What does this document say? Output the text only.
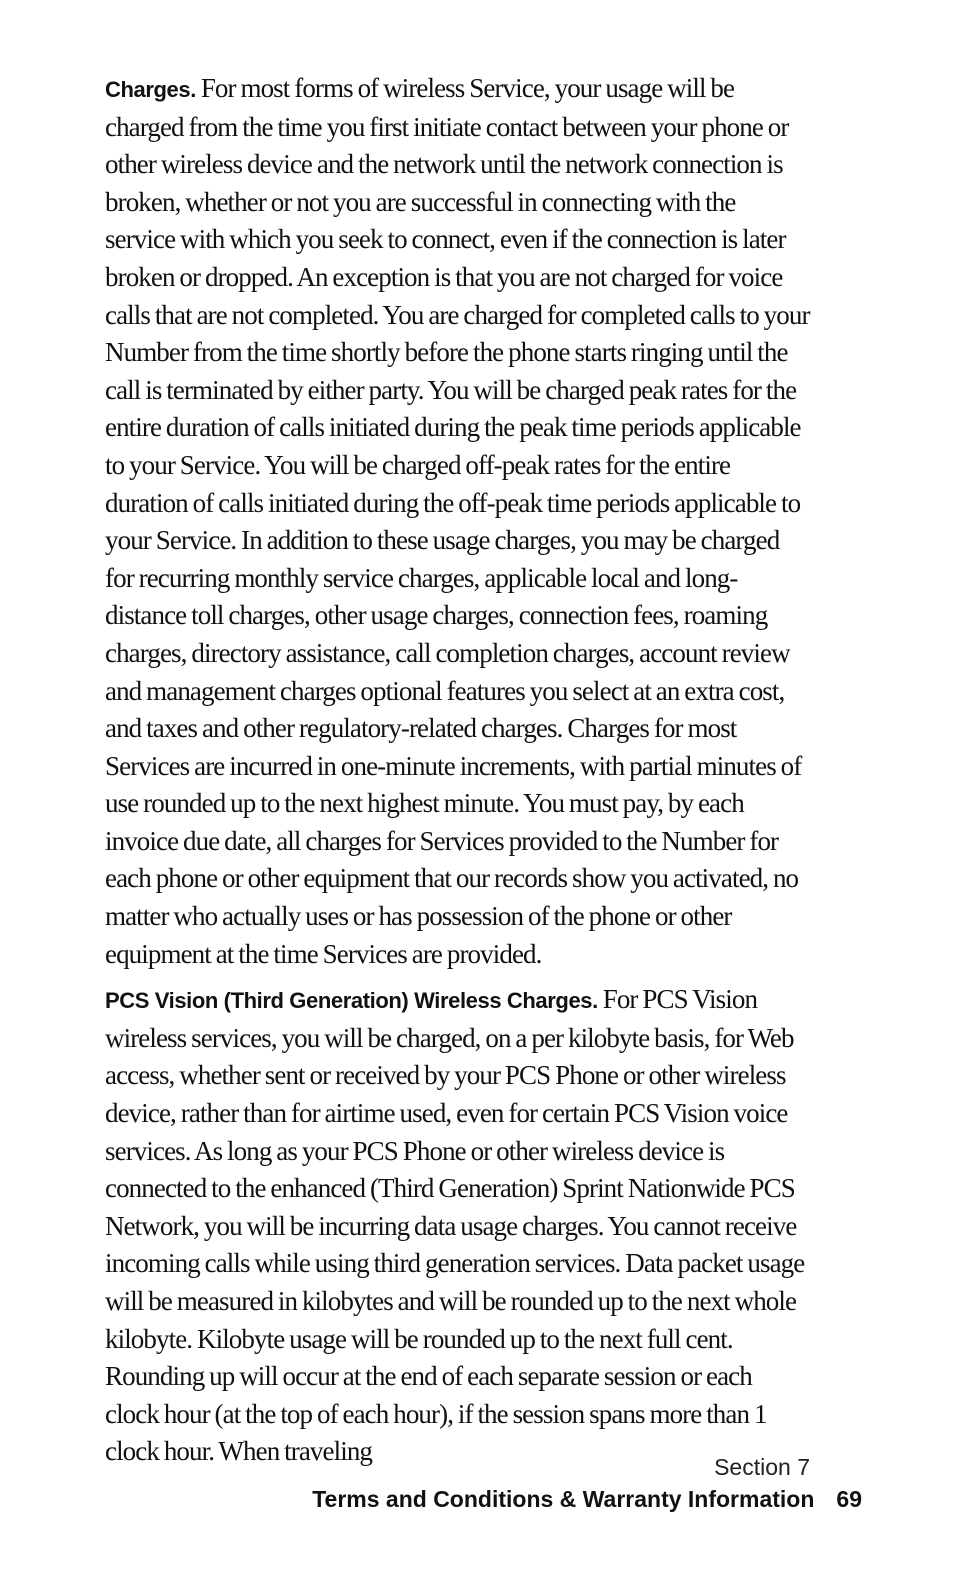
Charges. For most forms of wireless Service, your usage will be charged from the time you first initiate contact between your phone or other wireless device and the network until the network connection is broken, whether or not you are successful in connecting with the service with which you seek to connect, even if the connection is later broken or dropped. An exception is that you are not charged for voice calls that are not completed. You are charged for completed calls to your Number from the time shortly before the phone starts ringing until the call is terminated by either party. You will be charged peak rates for the entire duration of calls initiated during the peak time periods applicable to your Service. You will be charged off-peak rates for the entire duration of calls initiated during the off-peak time periods applicable to your Service. In addition to these usage charges, you may be charged for recurring monthly service charges, applicable local and long-distance toll charges, other usage charges, connection fees, roaming charges, directory assistance, call completion charges, account review and management charges optional features you select at an extra cost, and taxes and other regulatory-related charges. Charges for most Services are incurred in one-minute increments, with partial minutes of use rounded up to the next highest minute. You must pay, by each invoice due date, all charges for Services provided to the Number for each phone or other equipment that our records show you activated, no matter who actually uses or has possession of the phone or other equipment at the time Services are provided.

PCS Vision (Third Generation) Wireless Charges. For PCS Vision wireless services, you will be charged, on a per kilobyte basis, for Web access, whether sent or received by your PCS Phone or other wireless device, rather than for airtime used, even for certain PCS Vision voice services. As long as your PCS Phone or other wireless device is connected to the enhanced (Third Generation) Sprint Nationwide PCS Network, you will be incurring data usage charges. You cannot receive incoming calls while using third generation services. Data packet usage will be measured in kilobytes and will be rounded up to the next whole kilobyte. Kilobyte usage will be rounded up to the next full cent. Rounding up will occur at the end of each separate session or each clock hour (at the top of each hour), if the session spans more than 1 clock hour. When traveling

Section 7
Terms and Conditions & Warranty Information 69
